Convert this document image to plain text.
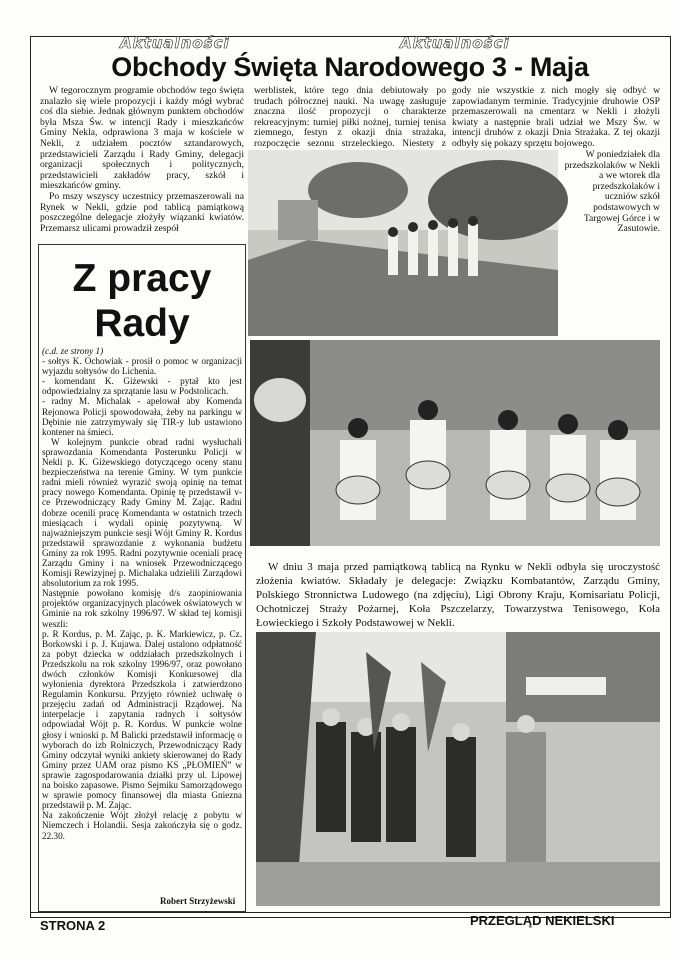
Aktualności	Aktualności
Obchody Święta Narodowego 3 - Maja

W tegorocznym programie obchodów tego święta znalazło się wiele propozycji i każdy mógł wybrać coś dla siebie. Jednak głównym punktem obchodów była Msza Św. w intencji Rady i mieszkańców Gminy Nekla, odprawiona 3 maja w kościele w Nekli, z udziałem pocztów sztandarowych, przedstawicieli Zarządu i Rady Gminy, delegacji organizacji społecznych i politycznych, przedstawicieli zakładów pracy, szkół i mieszkańców gminy.

Po mszy wszyscy uczestnicy przemaszerowali na Rynek w Nekli, gdzie pod tablicą pamiątkową poszczególne delegacje złożyły wiązanki kwiatów. Przemarsz ulicami prowadził zespół

werblistek, które tego dnia debiutowały po trudach półrocznej nauki. Na uwagę zasługuje znaczna ilość propozycji o charakterze rekreacyjnym: turniej piłki nożnej, turniej tenisa ziemnego, festyn z okazji dnia strażaka, rozpoczęcie sezonu strzeleckiego. Niestety z

gody nie wszystkie z nich mogły się odbyć w zapowiadanym terminie. Tradycyjnie druhowie OSP przemaszerowali na cmentarz w Nekli i złożyli kwiaty a następnie brali udział we Mszy Św. w intencji druhów z okazji Dnia Strażaka. Z tej okazji odbyły się pokazy sprzętu bojowego.

W poniedziałek dla przedszkolaków w Nekli a we wtorek dla przedszkolaków i uczniów szkół podstawowych w Targowej Górce i w Zasutowie.

W dniu 3 maja przed pamiątkową tablicą na Rynku w Nekli odbyła się uroczystość złożenia kwiatów. Składały je delegacje: Związku Kombatantów, Zarządu Gminy, Polskiego Stronnictwa Ludowego (na zdjęciu), Ligi Obrony Kraju, Komisariatu Policji, Ochotniczej Straży Pożarnej, Koła Pszczelarzy, Towarzystwa Tenisowego, Koła Łowieckiego i Szkoły Podstawowej w Nekli.

Z pracy Rady

(c.d. ze strony 1)

- sołtys K. Ochowiak - prosił o pomoc w organizacji wyjazdu sołtysów do Lichenia.

- komendant K. Giżewski - pytał kto jest odpowiedzialny za sprzątanie lasu w Podstolicach.

- radny M. Michalak - apelował aby Komenda Rejonowa Policji spowodowała, żeby na parkingu w Dębinie nie zatrzymywały się TIR-y lub ustawiono kontener na śmieci.

W kolejnym punkcie obrad radni wysłuchali sprawozdania Komendanta Posterunku Policji w Nekli p. K. Giżewskiego dotyczącego oceny stanu bezpieczeństwa na terenie Gminy. W tym punkcie radni mieli również wyrazić swoją opinię na temat pracy nowego Komendanta. Opinię tę przedstawił v-ce Przewodniczący Rady Gminy M. Zając. Radni dobrze ocenili pracę Komendanta w ostatnich trzech miesiącach i wydali opinię pozytywną. W najważniejszym punkcie sesji Wójt Gminy R. Kordus przedstawił sprawozdanie z wykonania budżetu Gminy za rok 1995. Radni pozytywnie oceniali pracę Zarządu Gminy i na wniosek Przewodniczącego Komisji Rewizyjnej p. Michalaka udzielili Zarządowi absolutorium za rok 1995.

Następnie powołano komisję d/s zaopiniowania projektów organizacyjnych placówek oświatowych w Gminie na rok szkolny 1996/97. W skład tej komisji weszli:

p. R Kordus, p. M. Zając, p. K. Markiewicz, p. Cz. Borkowski i p. J. Kujawa. Dalej ustalono odpłatność za pobyt dziecka w oddziałach przedszkolnych i Przedszkolu na rok szkolny 1996/97, oraz powołano dwóch członków Komisji Konkursowej dla wyłonienia dyrektora Przedszkola i zatwierdzono Regulamin Konkursu. Przyjęto również uchwałę o przejęciu zadań od Administracji Rządowej. Na interpelacje i zapytania radnych i sołtysów odpowiadał Wójt p. R. Kordus. W punkcie wolne głosy i wnioski p. M Balicki przedstawił informację o wyborach do izb Rolniczych, Przewodniczący Rady Gminy odczytał wyniki ankiety skierowanej do Rady Gminy przez UAM oraz pismo KS „PŁOMIEŃ” w sprawie zagospodarowania działki przy ul. Lipowej na boisko zapasowe. Pismo Sejmiku Samorządowego w sprawie pomocy finansowej dla miasta Gniezna przedstawił p. M. Zając.

Na zakończenie Wójt złożył relację z pobytu w Niemczech i Holandii. Sesja zakończyła się o godz. 22.30.

Robert Strzyżewski
STRONA 2	PRZEGLĄD NEKIELSKI
